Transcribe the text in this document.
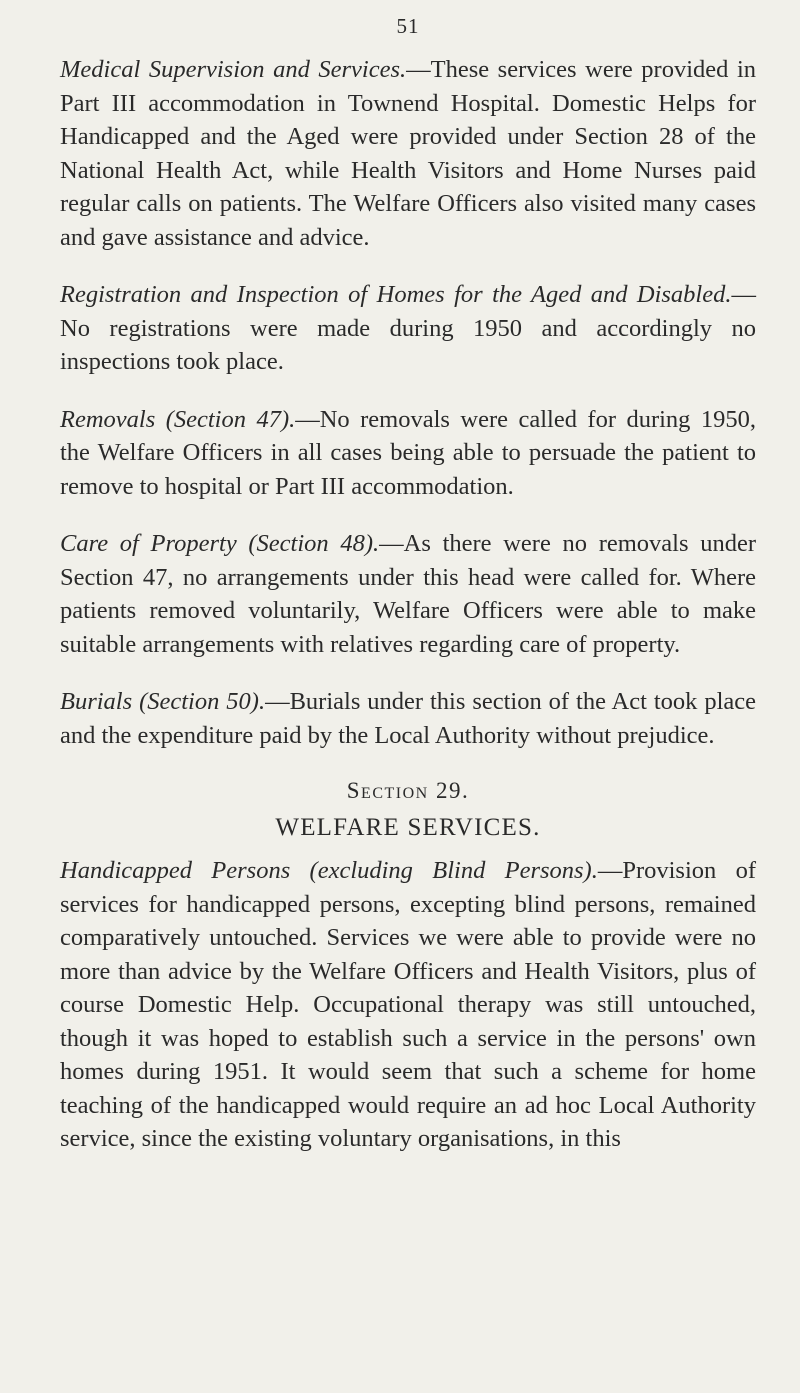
51

Medical Supervision and Services.—These services were provided in Part III accommodation in Townend Hospital. Domestic Helps for Handicapped and the Aged were provided under Section 28 of the National Health Act, while Health Visitors and Home Nurses paid regular calls on patients. The Welfare Officers also visited many cases and gave assistance and advice.

Registration and Inspection of Homes for the Aged and Disabled.—No registrations were made during 1950 and accordingly no inspections took place.

Removals (Section 47).—No removals were called for during 1950, the Welfare Officers in all cases being able to persuade the patient to remove to hospital or Part III accommodation.

Care of Property (Section 48).—As there were no removals under Section 47, no arrangements under this head were called for. Where patients removed voluntarily, Welfare Officers were able to make suitable arrangements with relatives regarding care of property.

Burials (Section 50).—Burials under this section of the Act took place and the expenditure paid by the Local Authority without prejudice.

Section 29.
WELFARE SERVICES.

Handicapped Persons (excluding Blind Persons).—Provision of services for handicapped persons, excepting blind persons, remained comparatively untouched. Services we were able to provide were no more than advice by the Welfare Officers and Health Visitors, plus of course Domestic Help. Occupational therapy was still untouched, though it was hoped to establish such a service in the persons' own homes during 1951. It would seem that such a scheme for home teaching of the handicapped would require an ad hoc Local Authority service, since the existing voluntary organisations, in this
